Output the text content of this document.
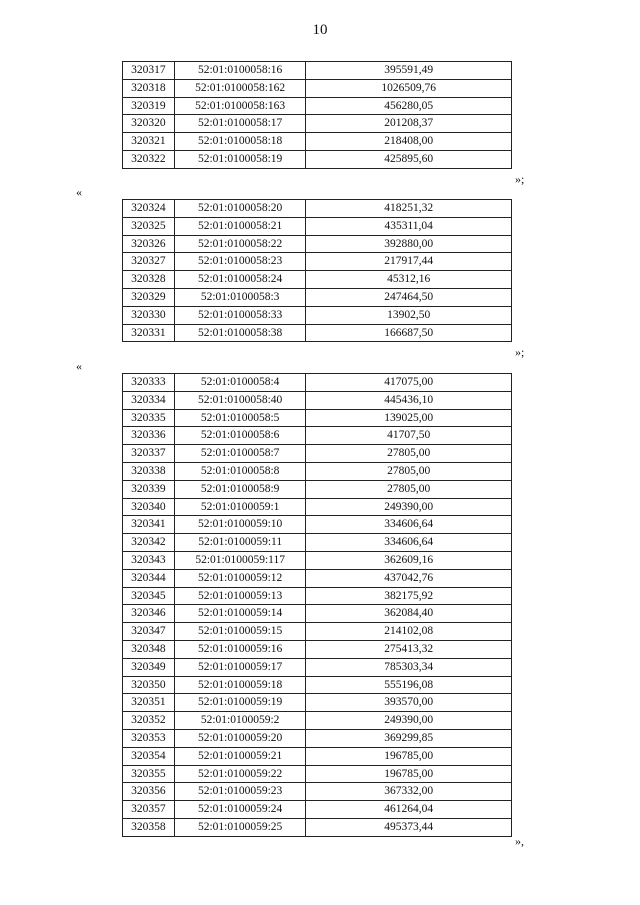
10
320317	52:01:0100058:16	395591,49
320318	52:01:0100058:162	1026509,76
320319	52:01:0100058:163	456280,05
320320	52:01:0100058:17	201208,37
320321	52:01:0100058:18	218408,00
320322	52:01:0100058:19	425895,60
»;
«
320324	52:01:0100058:20	418251,32
320325	52:01:0100058:21	435311,04
320326	52:01:0100058:22	392880,00
320327	52:01:0100058:23	217917,44
320328	52:01:0100058:24	45312,16
320329	52:01:0100058:3	247464,50
320330	52:01:0100058:33	13902,50
320331	52:01:0100058:38	166687,50
»;
«
320333	52:01:0100058:4	417075,00
320334	52:01:0100058:40	445436,10
320335	52:01:0100058:5	139025,00
320336	52:01:0100058:6	41707,50
320337	52:01:0100058:7	27805,00
320338	52:01:0100058:8	27805,00
320339	52:01:0100058:9	27805,00
320340	52:01:0100059:1	249390,00
320341	52:01:0100059:10	334606,64
320342	52:01:0100059:11	334606,64
320343	52:01:0100059:117	362609,16
320344	52:01:0100059:12	437042,76
320345	52:01:0100059:13	382175,92
320346	52:01:0100059:14	362084,40
320347	52:01:0100059:15	214102,08
320348	52:01:0100059:16	275413,32
320349	52:01:0100059:17	785303,34
320350	52:01:0100059:18	555196,08
320351	52:01:0100059:19	393570,00
320352	52:01:0100059:2	249390,00
320353	52:01:0100059:20	369299,85
320354	52:01:0100059:21	196785,00
320355	52:01:0100059:22	196785,00
320356	52:01:0100059:23	367332,00
320357	52:01:0100059:24	461264,04
320358	52:01:0100059:25	495373,44
»,
